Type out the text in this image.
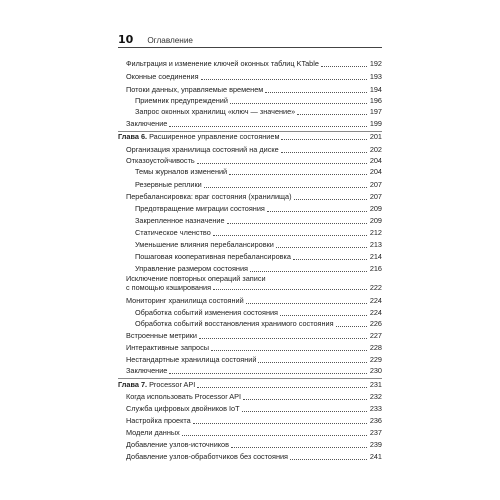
10 Оглавление
Фильтрация и изменение ключей оконных таблиц KTable	192
Оконные соединения	193
Потоки данных, управляемые временем	194
Приемник предупреждений	196
Запрос оконных хранилищ «ключ — значение»	197
Заключение	199
Глава 6. Расширенное управление состоянием	201
Организация хранилища состояний на диске	202
Отказоустойчивость	204
Темы журналов изменений	204
Резервные реплики	207
Перебалансировка: враг состояния (хранилища)	207
Предотвращение миграции состояния	209
Закрепленное назначение	209
Статическое членство	212
Уменьшение влияния перебалансировки	213
Пошаговая кооперативная перебалансировка	214
Управление размером состояния	216
Исключение повторных операций записи
с помощью кэширования	222
Мониторинг хранилища состояний	224
Обработка событий изменения состояния	224
Обработка событий восстановления хранимого состояния	226
Встроенные метрики	227
Интерактивные запросы	228
Нестандартные хранилища состояний	229
Заключение	230
Глава 7. Processor API	231
Когда использовать Processor API	232
Служба цифровых двойников IoT	233
Настройка проекта	236
Модели данных	237
Добавление узлов-источников	239
Добавление узлов-обработчиков без состояния	241
